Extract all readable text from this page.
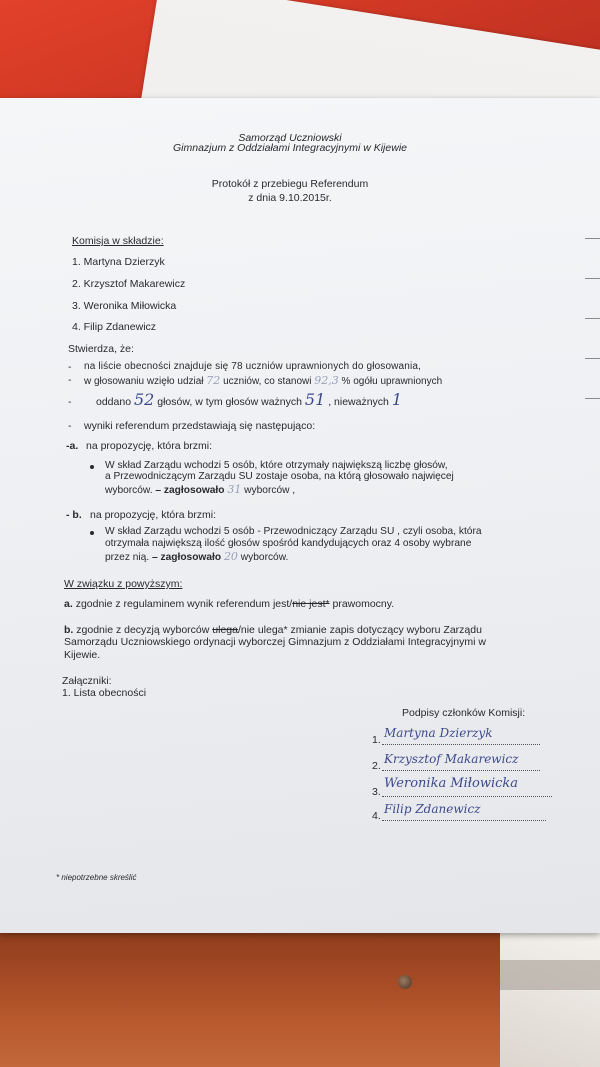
Samorząd Uczniowski
Gimnazjum z Oddziałami Integracyjnymi w Kijewie
Protokół z przebiegu Referendum
z dnia 9.10.2015r.
Komisja w składzie:
1. Martyna Dzierzyk
2. Krzysztof Makarewicz
3. Weronika Miłowicka
4. Filip Zdanewicz
Stwierdza, że:
- na liście obecności znajduje się 78 uczniów uprawnionych do głosowania,
- w głosowaniu wzięło udział 72 uczniów, co stanowi 92,3 % ogółu uprawnionych
- oddano 52 głosów, w tym głosów ważnych 51 , nieważnych 1
- wyniki referendum przedstawiają się następująco:
-a. na propozycję, która brzmi:
W skład Zarządu wchodzi 5 osób, które otrzymały największą liczbę głosów,
a Przewodniczącym Zarządu SU zostaje osoba, na którą głosowało najwięcej
wyborców. – zagłosowało 31 wyborców ,
- b. na propozycję, która brzmi:
W skład Zarządu wchodzi 5 osób - Przewodniczący Zarządu SU , czyli osoba, która
otrzymała największą ilość głosów spośród kandydujących oraz 4 osoby wybrane
przez nią. – zagłosowało 20 wyborców.
W związku z powyższym:
a. zgodnie z regulaminem wynik referendum jest/nie jest* prawomocny.
b. zgodnie z decyzją wyborców ulega/nie ulega* zmianie zapis dotyczący wyboru Zarządu
Samorządu Uczniowskiego ordynacji wyborczej Gimnazjum z Oddziałami Integracyjnymi w
Kijewie.
Załączniki:
1. Lista obecności
Podpisy członków Komisji:
1. Martyna Dzierzyk
2. Krzysztof Makarewicz
3.
Weronika Miłowicka
4. Filip Zdanewicz
* niepotrzebne skreślić
